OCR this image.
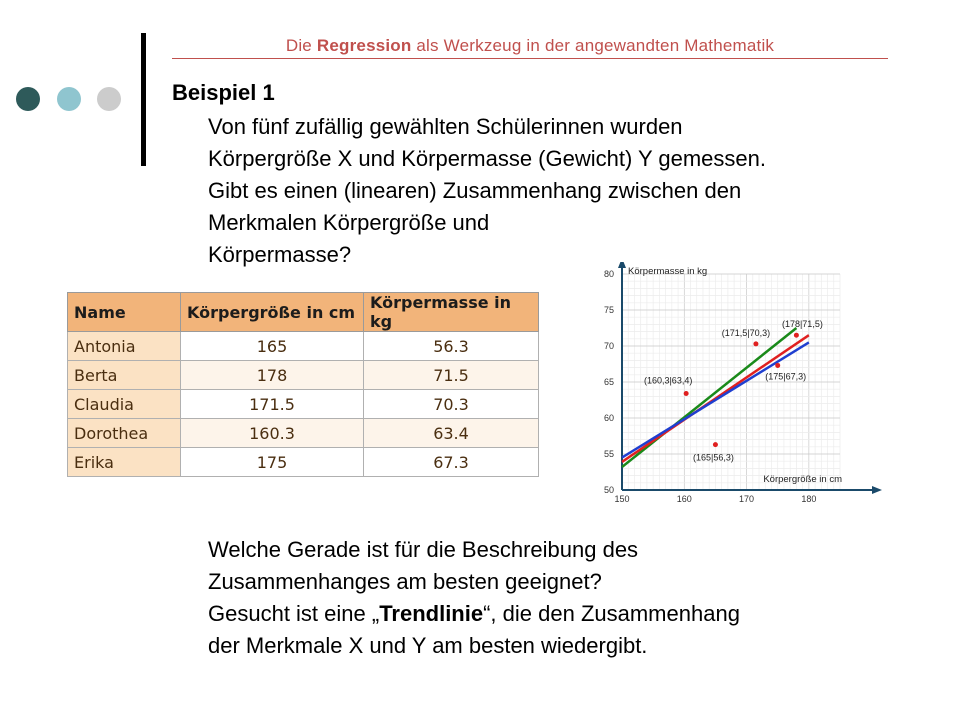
Die Regression als Werkzeug in der angewandten Mathematik
Beispiel 1
Von fünf zufällig gewählten Schülerinnen wurden
Körpergröße X und Körpermasse (Gewicht) Y gemessen.
Gibt es einen (linearen) Zusammenhang zwischen den
Merkmalen Körpergröße und
Körpermasse?
Name	Körpergröße in cm	Körpermasse in kg
Antonia	165	56.3
Berta	178	71.5
Claudia	171.5	70.3
Dorothea	160.3	63.4
Erika	175	67.3
150	160	170	180
50
55
60
65
70
75
80 Körpermasse in kg
Körpergröße in cm
(165|56,3)
(178|71,5)
(171,5|70,3)
(160,3|63,4)	(175|67,3)
Welche Gerade ist für die Beschreibung des
Zusammenhanges am besten geeignet?
Gesucht ist eine „Trendlinie“, die den Zusammenhang
der Merkmale X und Y am besten wiedergibt.
